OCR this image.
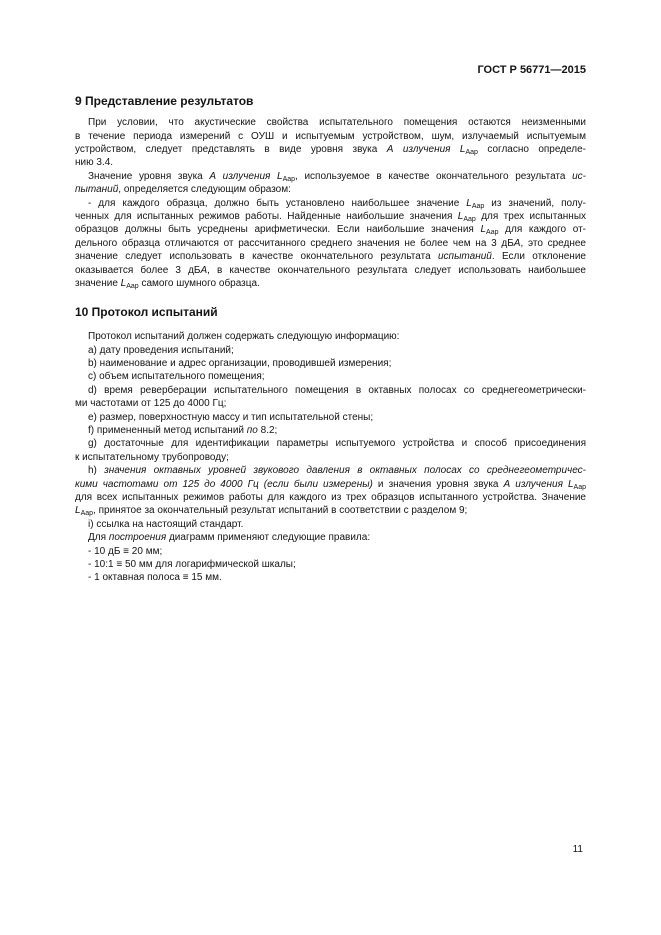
ГОСТ Р 56771—2015
9 Представление результатов
При условии, что акустические свойства испытательного помещения остаются неизменными
в течение периода измерений с ОУШ и испытуемым устройством, шум, излучаемый испытуемым
устройством, следует представлять в виде уровня звука А излучения $L_{Aap}$ согласно определе-
нию 3.4.
Значение уровня звука А излучения $L_{Aap}$, используемое в качестве окончательного результата ис-
пытаний, определяется следующим образом:
- для каждого образца, должно быть установлено наибольшее значение $L_{Aap}$ из значений, полу-
ченных для испытанных режимов работы. Найденные наибольшие значения $L_{Aap}$ для трех испытанных
образцов должны быть усреднены арифметически. Если наибольшие значения $L_{Aap}$ для каждого от-
дельного образца отличаются от рассчитанного среднего значения не более чем на 3 дБА, это среднее
значение следует использовать в качестве окончательного результата испытаний. Если отклонение
оказывается более 3 дБА, в качестве окончательного результата следует использовать наибольшее
значение $L_{Aap}$ самого шумного образца.
10 Протокол испытаний
Протокол испытаний должен содержать следующую информацию:
a) дату проведения испытаний;
b) наименование и адрес организации, проводившей измерения;
c) объем испытательного помещения;
d) время реверберации испытательного помещения в октавных полосах со среднегеометрически-
ми частотами от 125 до 4000 Гц;
e) размер, поверхностную массу и тип испытательной стены;
f) примененный метод испытаний по 8.2;
g) достаточные для идентификации параметры испытуемого устройства и способ присоединения
к испытательному трубопроводу;
h) значения октавных уровней звукового давления в октавных полосах со среднегеометричес-
кими частотами от 125 до 4000 Гц (если были измерены) и значения уровня звука А излучения $L_{Aap}$
для всех испытанных режимов работы для каждого из трех образцов испытанного устройства. Значение
$L_{Aap}$, принятое за окончательный результат испытаний в соответствии с разделом 9;
i) ссылка на настоящий стандарт.
Для построения диаграмм применяют следующие правила:
- 10 дБ ≡ 20 мм;
- 10:1 ≡ 50 мм для логарифмической шкалы;
- 1 октавная полоса ≡ 15 мм.
11
